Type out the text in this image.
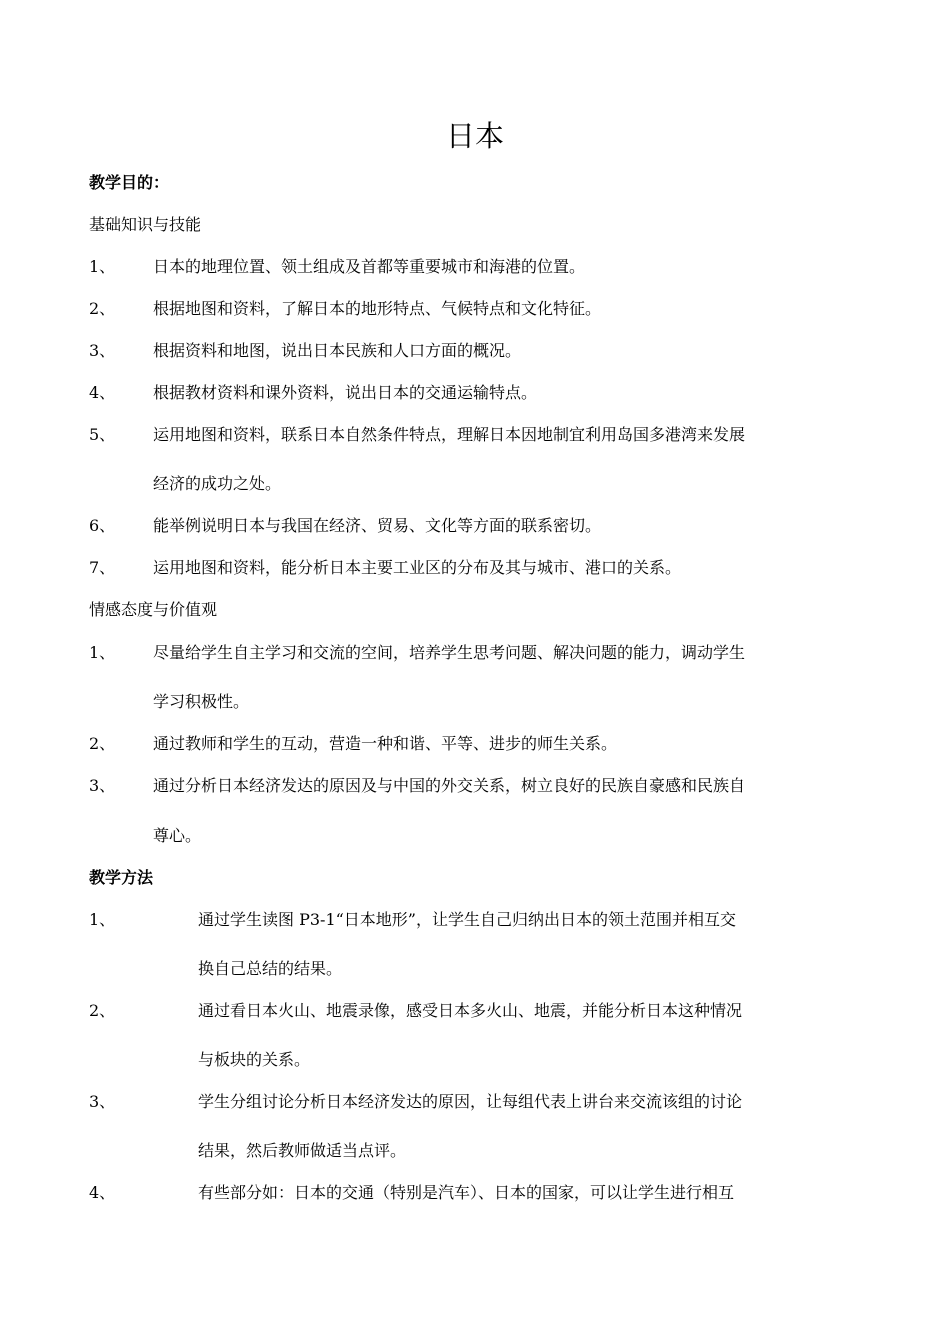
日本
教学目的：
基础知识与技能
1、 日本的地理位置、领土组成及首都等重要城市和海港的位置。
2、 根据地图和资料，了解日本的地形特点、气候特点和文化特征。
3、 根据资料和地图，说出日本民族和人口方面的概况。
4、 根据教材资料和课外资料，说出日本的交通运输特点。
5、 运用地图和资料，联系日本自然条件特点，理解日本因地制宜利用岛国多港湾来发展
经济的成功之处。
6、 能举例说明日本与我国在经济、贸易、文化等方面的联系密切。
7、 运用地图和资料，能分析日本主要工业区的分布及其与城市、港口的关系。
情感态度与价值观
1、 尽量给学生自主学习和交流的空间，培养学生思考问题、解决问题的能力，调动学生
学习积极性。
2、 通过教师和学生的互动，营造一种和谐、平等、进步的师生关系。
3、 通过分析日本经济发达的原因及与中国的外交关系，树立良好的民族自豪感和民族自
尊心。
教学方法
1、	通过学生读图 P3-1“日本地形”，让学生自己归纳出日本的领土范围并相互交
换自己总结的结果。
2、	通过看日本火山、地震录像，感受日本多火山、地震，并能分析日本这种情况
与板块的关系。
3、	学生分组讨论分析日本经济发达的原因，让每组代表上讲台来交流该组的讨论
结果，然后教师做适当点评。
4、	有些部分如：日本的交通（特别是汽车）、日本的国家，可以让学生进行相互
